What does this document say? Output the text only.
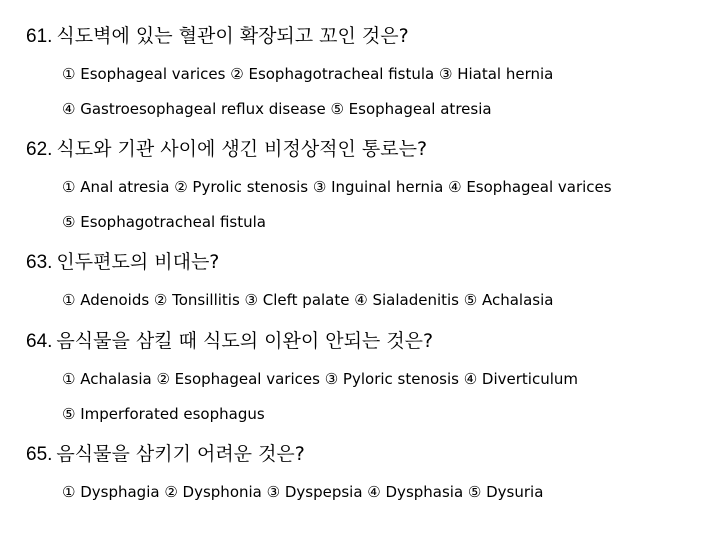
61. 식도벽에 있는 혈관이 확장되고 꼬인 것은?
① Esophageal varices ② Esophagotracheal fistula ③ Hiatal hernia
④ Gastroesophageal reflux disease ⑤ Esophageal atresia
62. 식도와 기관 사이에 생긴 비정상적인 통로는?
① Anal atresia ② Pyrolic stenosis ③ Inguinal hernia ④ Esophageal varices
⑤ Esophagotracheal fistula
63. 인두편도의 비대는?
① Adenoids ② Tonsillitis ③ Cleft palate ④ Sialadenitis ⑤ Achalasia
64. 음식물을 삼킬 때 식도의 이완이 안되는 것은?
① Achalasia ② Esophageal varices ③ Pyloric stenosis ④ Diverticulum
⑤ Imperforated esophagus
65. 음식물을 삼키기 어려운 것은?
① Dysphagia ② Dysphonia ③ Dyspepsia ④ Dysphasia ⑤ Dysuria
